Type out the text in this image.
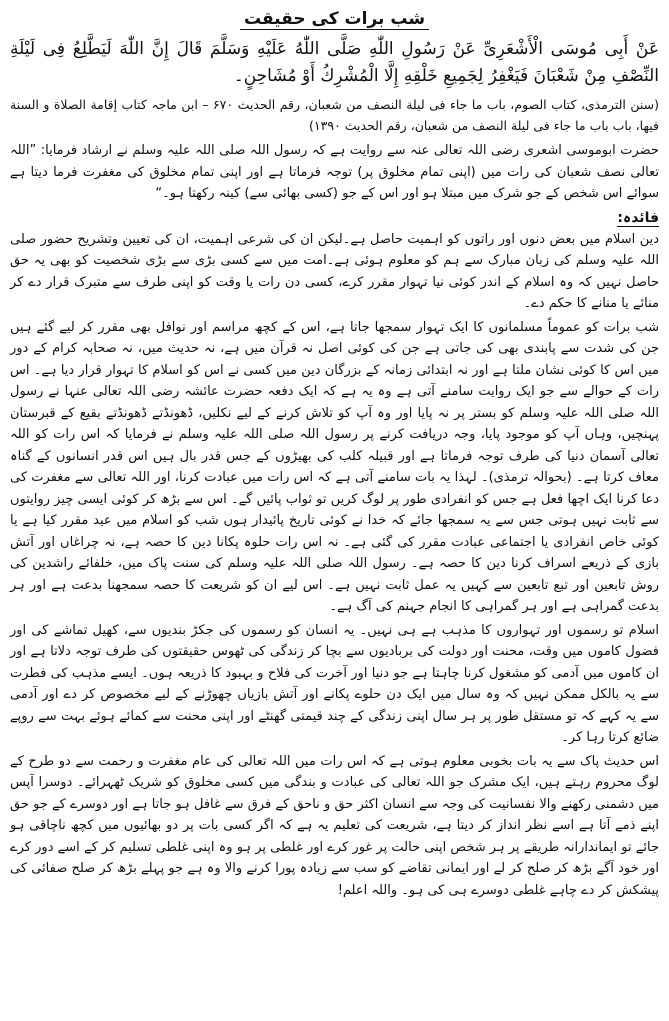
شب برات کی حقیقت

عَنْ أَبِی مُوسَی الْأَشْعَرِیِّ عَنْ رَسُولِ اللّٰهِ صَلَّی اللّٰهُ عَلَیْهِ وَسَلَّمَ قَالَ إِنَّ اللّٰهَ لَیَطَّلِعُ فِی لَیْلَةِ النِّصْفِ مِنْ شَعْبَانَ فَیَغْفِرُ لِجَمِیعِ خَلْقِهِ إِلَّا الْمُشْرِكُ أَوْ مُشَاحِنٍ۔

(سنن الترمذی، کتاب الصوم، باب ما جاء فی لیلة النصف من شعبان، رقم الحدیث ۶۷۰ – ابن ماجہ کتاب إقامة الصلاة و السنة فیھا، باب باب ما جاء فی لیلة النصف من شعبان، رقم الحدیث ۱۳۹۰)

حضرت ابوموسی اشعری رضی اللہ تعالی عنہ سے روایت ہے کہ رسول اللہ صلی اللہ علیہ وسلم نے ارشاد فرمایا: ”اللہ تعالی نصف شعبان کی رات میں (اپنی تمام مخلوق پر) توجہ فرماتا ہے اور اپنی تمام مخلوق کی مغفرت فرما دیتا ہے سوائے اس شخص کے جو شرک میں مبتلا ہو اور اس کے جو (کسی بھائی سے) کینہ رکھتا ہو۔“

فائدہ:

دین اسلام میں بعض دنوں اور راتوں کو اہمیت حاصل ہے۔لیکن ان کی شرعی اہمیت، ان کی تعیین وتشریح حضور صلی اللہ علیہ وسلم کی زبان مبارک سے ہم کو معلوم ہوئی ہے۔امت میں سے کسی بڑی سے بڑی شخصیت کو بھی یہ حق حاصل نہیں کہ وہ اسلام کے اندر کوئی نیا تہوار مقرر کرے، کسی دن رات یا وقت کو اپنی طرف سے متبرک قرار دے کر منائے یا منانے کا حکم دے۔

شب برات کو عموماً مسلمانوں کا ایک تہوار سمجھا جاتا ہے، اس کے کچھ مراسم اور نوافل بھی مقرر کر لیے گئے ہیں جن کی شدت سے پابندی بھی کی جاتی ہے جن کی کوئی اصل نہ قرآن میں ہے، نہ حدیث میں، نہ صحابہ کرام کے دور میں اس کا کوئی نشان ملتا ہے اور نہ ابتدائی زمانہ کے بزرگان دین میں کسی نے اس کو اسلام کا تہوار قرار دیا ہے۔ اس رات کے حوالے سے جو ایک روایت سامنے آتی ہے وہ یہ ہے کہ ایک دفعہ حضرت عائشہ رضی اللہ تعالی عنہا نے رسول اللہ صلی اللہ علیہ وسلم کو بستر پر نہ پایا اور وہ آپ کو تلاش کرنے کے لیے نکلیں، ڈھونڈتے ڈھونڈتے بقیع کے قبرستان پہنچیں، وہاں آپ کو موجود پایا، وجہ دریافت کرنے پر رسول اللہ صلی اللہ علیہ وسلم نے فرمایا کہ اس رات کو اللہ تعالی آسمان دنیا کی طرف توجہ فرماتا ہے اور قبیلہ کلب کی بھیڑوں کے جس قدر بال ہیں اس قدر انسانوں کے گناہ معاف کرتا ہے۔ (بحوالہ ترمذی)۔ لہذا یہ بات سامنے آتی ہے کہ اس رات میں عبادت کرنا، اور اللہ تعالی سے مغفرت کی دعا کرنا ایک اچھا فعل ہے جس کو انفرادی طور پر لوگ کریں تو ثواب پائیں گے۔ اس سے بڑھ کر کوئی ایسی چیز روایتوں سے ثابت نہیں ہوتی جس سے یہ سمجھا جائے کہ خدا نے کوئی تاریخ پائیدار ہوں شب کو اسلام میں عید مقرر کیا ہے یا کوئی خاص انفرادی یا اجتماعی عبادت مقرر کی گئی ہے۔ نہ اس رات حلوہ پکانا دین کا حصہ ہے، نہ چراغاں اور آتش بازی کے ذریعے اسراف کرنا دین کا حصہ ہے۔ رسول اللہ صلی اللہ علیہ وسلم کی سنت پاک میں، خلفائے راشدین کی روش تابعین اور تبع تابعین سے کہیں یہ عمل ثابت نہیں ہے۔ اس لیے ان کو شریعت کا حصہ سمجھنا بدعت ہے اور ہر بدعت گمراہی ہے اور ہر گمراہی کا انجام جہنم کی آگ ہے۔

اسلام تو رسموں اور تہواروں کا مذہب ہے ہی نہیں۔ یہ انسان کو رسموں کی جکڑ بندیوں سے، کھیل تماشے کی اور فضول کاموں میں وقت، محنت اور دولت کی بربادیوں سے بچا کر زندگی کی ٹھوس حقیقتوں کی طرف توجہ دلاتا ہے اور ان کاموں میں آدمی کو مشغول کرنا چاہتا ہے جو دنیا اور آخرت کی فلاح و بہبود کا ذریعہ ہوں۔ ایسے مذہب کی فطرت سے یہ بالکل ممکن نہیں کہ وہ سال میں ایک دن حلوے پکانے اور آتش بازیاں چھوڑنے کے لیے مخصوص کر دے اور آدمی سے یہ کہے کہ تو مستقل طور پر ہر سال اپنی زندگی کے چند قیمتی گھنٹے اور اپنی محنت سے کمائے ہوئے بہت سے روپے ضائع کرتا رہا کر۔

اس حدیث پاک سے یہ بات بخوبی معلوم ہوتی ہے کہ اس رات میں اللہ تعالی کی عام مغفرت و رحمت سے دو طرح کے لوگ محروم رہتے ہیں، ایک مشرک جو اللہ تعالی کی عبادت و بندگی میں کسی مخلوق کو شریک ٹھہرائے۔ دوسرا آپس میں دشمنی رکھنے والا نفسانیت کی وجہ سے انسان اکثر حق و ناحق کے فرق سے غافل ہو جاتا ہے اور دوسرے کے جو حق اپنے ذمے آتا ہے اسے نظر انداز کر دیتا ہے، شریعت کی تعلیم یہ ہے کہ اگر کسی بات پر دو بھائیوں میں کچھ ناچاقی ہو جائے تو ایماندارانہ طریقے پر ہر شخص اپنی حالت پر غور کرے اور غلطی پر ہو وہ اپنی غلطی تسلیم کر کے اسے دور کرے اور خود آگے بڑھ کر صلح کر لے اور ایمانی تقاضے کو سب سے زیادہ پورا کرنے والا وہ ہے جو پہلے بڑھ کر صلح صفائی کی پیشکش کر دے چاہے غلطی دوسرے ہی کی ہو۔ واللہ اعلم!
